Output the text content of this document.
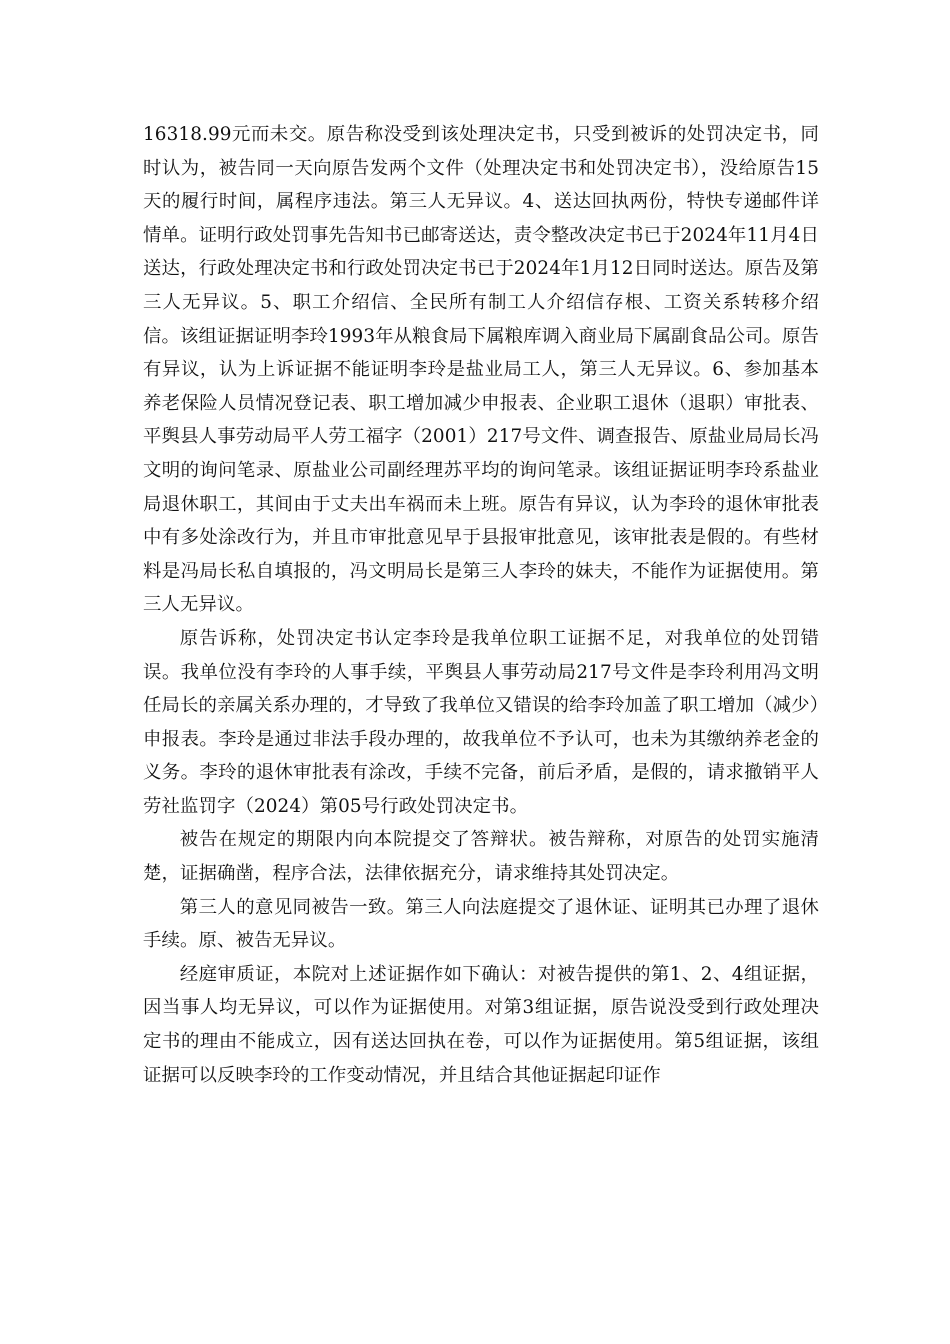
16318.99元而未交。原告称没受到该处理决定书，只受到被诉的处罚决定书，同时认为，被告同一天向原告发两个文件（处理决定书和处罚决定书），没给原告15天的履行时间，属程序违法。第三人无异议。4、送达回执两份，特快专递邮件详情单。证明行政处罚事先告知书已邮寄送达，责令整改决定书已于2024年11月4日送达，行政处理决定书和行政处罚决定书已于2024年1月12日同时送达。原告及第三人无异议。5、职工介绍信、全民所有制工人介绍信存根、工资关系转移介绍信。该组证据证明李玲1993年从粮食局下属粮库调入商业局下属副食品公司。原告有异议，认为上诉证据不能证明李玲是盐业局工人，第三人无异议。6、参加基本养老保险人员情况登记表、职工增加减少申报表、企业职工退休（退职）审批表、平舆县人事劳动局平人劳工福字（2001）217号文件、调查报告、原盐业局局长冯文明的询问笔录、原盐业公司副经理苏平均的询问笔录。该组证据证明李玲系盐业局退休职工，其间由于丈夫出车祸而未上班。原告有异议，认为李玲的退休审批表中有多处涂改行为，并且市审批意见早于县报审批意见，该审批表是假的。有些材料是冯局长私自填报的，冯文明局长是第三人李玲的妹夫，不能作为证据使用。第三人无异议。

原告诉称，处罚决定书认定李玲是我单位职工证据不足，对我单位的处罚错误。我单位没有李玲的人事手续，平舆县人事劳动局217号文件是李玲利用冯文明任局长的亲属关系办理的，才导致了我单位又错误的给李玲加盖了职工增加（减少）申报表。李玲是通过非法手段办理的，故我单位不予认可，也未为其缴纳养老金的义务。李玲的退休审批表有涂改，手续不完备，前后矛盾，是假的，请求撤销平人劳社监罚字（2024）第05号行政处罚决定书。

被告在规定的期限内向本院提交了答辩状。被告辩称，对原告的处罚实施清楚，证据确凿，程序合法，法律依据充分，请求维持其处罚决定。

第三人的意见同被告一致。第三人向法庭提交了退休证、证明其已办理了退休手续。原、被告无异议。

经庭审质证，本院对上述证据作如下确认：对被告提供的第1、2、4组证据，因当事人均无异议，可以作为证据使用。对第3组证据，原告说没受到行政处理决定书的理由不能成立，因有送达回执在卷，可以作为证据使用。第5组证据，该组证据可以反映李玲的工作变动情况，并且结合其他证据起印证作
